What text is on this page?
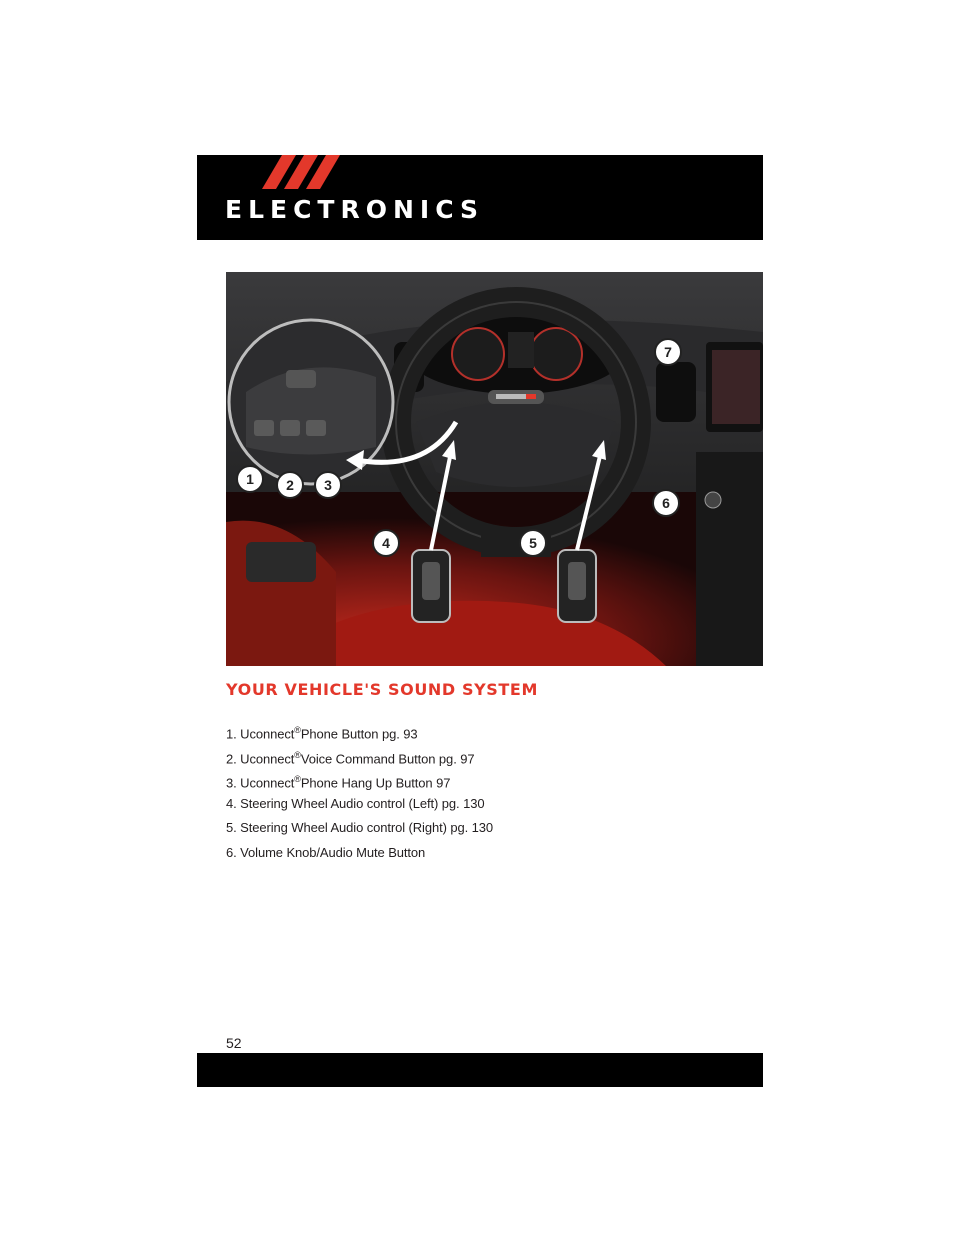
ELECTRONICS
1 2 3
4	5
6
7
YOUR VEHICLE'S SOUND SYSTEM
1. Uconnect®Phone Button pg. 93
2. Uconnect®Voice Command Button pg. 97
3. Uconnect®Phone Hang Up Button 97
4. Steering Wheel Audio control (Left) pg. 130
5. Steering Wheel Audio control (Right) pg. 130
6. Volume Knob/Audio Mute Button
52
